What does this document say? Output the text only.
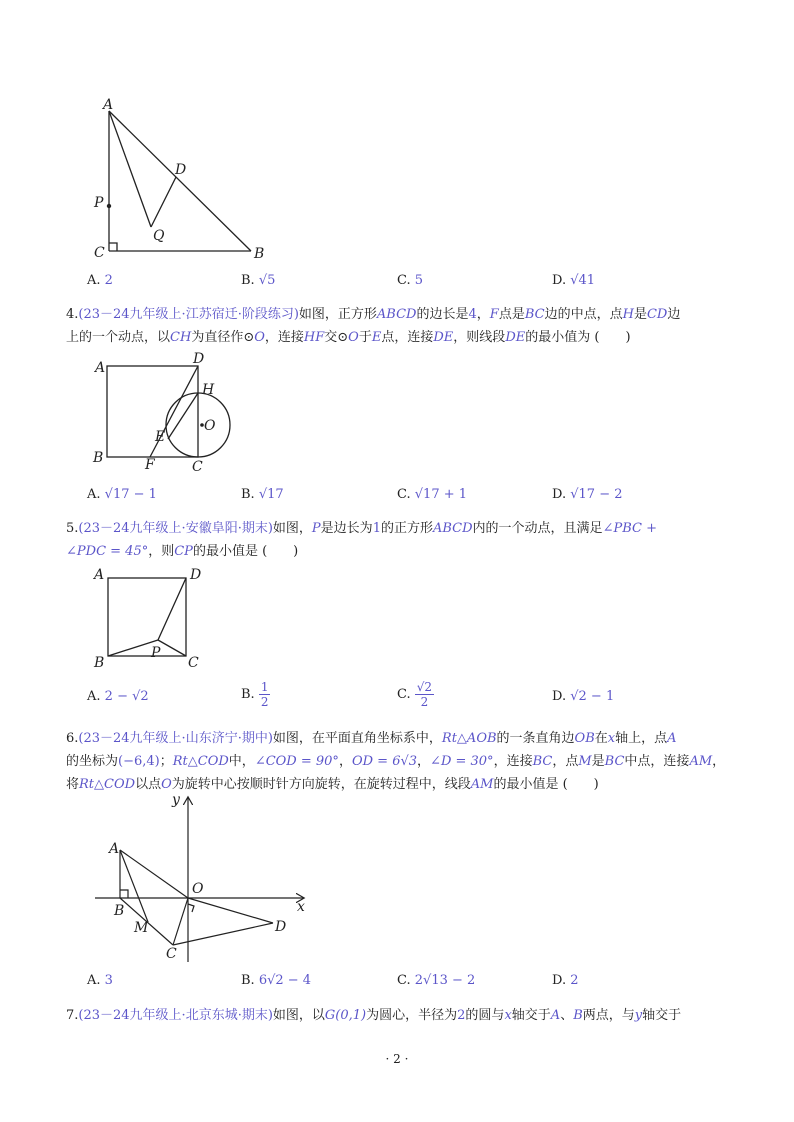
A
P
C	B
D
Q
A. 2	B. √5	C. 5	D. √41

4.(23－24九年级上·江苏宿迁·阶段练习)如图，正方形ABCD的边长是4，F点是BC边的中点，点H是CD边

上的一个动点，以CH为直径作⊙O，连接HF交⊙O于E点，连接DE，则线段DE的最小值为 (　　)

A
B
C
D
H
O
E
F
A. √17 − 1	B. √17	C. √17 + 1	D. √17 − 2

5.(23－24九年级上·安徽阜阳·期末)如图，P是边长为1的正方形ABCD内的一个动点，且满足∠PBC +

∠PDC = 45°，则CP的最小值是 (　　)

A
B	C
D
P
A. 2 − √2	B. $\frac{1}{2}$	C. $\frac{√2}{2}$	D. √2 − 1

6.(23－24九年级上·山东济宁·期中)如图，在平面直角坐标系中，Rt△AOB的一条直角边OB在x轴上，点A

的坐标为(−6,4)；Rt△COD中，∠COD = 90°，OD = 6√3，∠D = 30°，连接BC，点M是BC中点，连接AM，

将Rt△COD以点O为旋转中心按顺时针方向旋转，在旋转过程中，线段AM的最小值是 (　　)

y
x
A
B
O
M
C
D
A. 3	B. 6√2 − 4	C. 2√13 − 2	D. 2

7.(23－24九年级上·北京东城·期末)如图，以G(0,1)为圆心，半径为2的圆与x轴交于A、B两点，与y轴交于

· 2 ·
